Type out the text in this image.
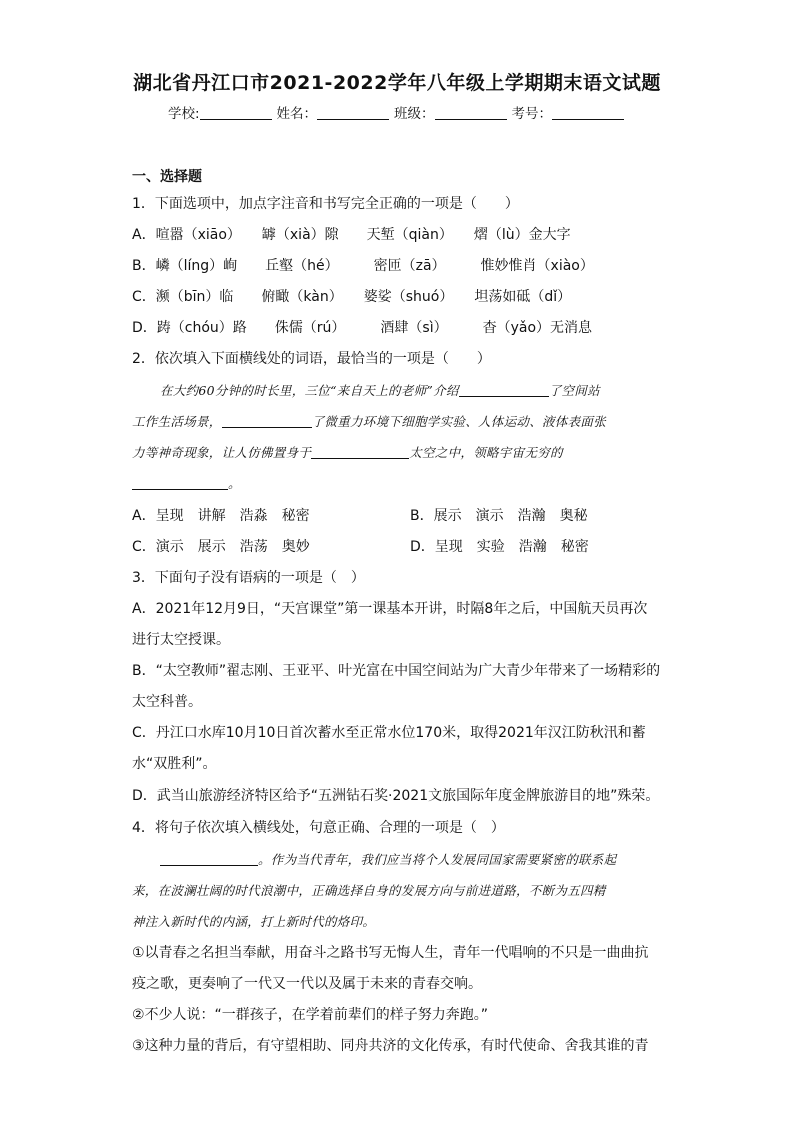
湖北省丹江口市2021-2022学年八年级上学期期末语文试题
学校:	姓名：	班级：	考号：
一、选择题
1．下面选项中，加点字注音和书写完全正确的一项是（　　）
A．喧嚣（xiāo）　　罅（xià）隙　　天堑（qiàn）　　熠（lù）金大字
B．嶙（líng）峋　　丘壑（hé）　　　密匝（zā）　　　惟妙惟肖（xiào）
C．濒（bīn）临　　俯瞰（kàn）　　婆娑（shuó）　　坦荡如砥（dǐ）
D．踌（chóu）路　　侏儒（rú）　　　酒肆（sì）　　　杳（yǎo）无消息
2．依次填入下面横线处的词语，最恰当的一项是（　　）
在大约60分钟的时长里，三位“来自天上的老师”介绍	了空间站
工作生活场景，	了微重力环境下细胞学实验、人体运动、液体表面张
力等神奇现象，让人仿佛置身于	太空之中，领略宇宙无穷的
。
A．呈现　讲解　浩淼　秘密	B．展示　演示　浩瀚　奥秘
C．演示　展示　浩荡　奥妙	D．呈现　实验　浩瀚　秘密
3．下面句子没有语病的一项是（　）
A．2021年12月9日，“天宫课堂”第一课基本开讲，时隔8年之后，中国航天员再次
进行太空授课。
B．“太空教师”翟志刚、王亚平、叶光富在中国空间站为广大青少年带来了一场精彩的
太空科普。
C．丹江口水库10月10日首次蓄水至正常水位170米，取得2021年汉江防秋汛和蓄
水“双胜利”。
D．武当山旅游经济特区给予“五洲钻石奖·2021文旅国际年度金牌旅游目的地”殊荣。
4．将句子依次填入横线处，句意正确、合理的一项是（　）
。作为当代青年，我们应当将个人发展同国家需要紧密的联系起
来，在波澜壮阔的时代浪潮中，正确选择自身的发展方向与前进道路，不断为五四精
神注入新时代的内涵，打上新时代的烙印。
①以青春之名担当奉献，用奋斗之路书写无悔人生，青年一代唱响的不只是一曲曲抗
疫之歌，更奏响了一代又一代以及属于未来的青春交响。
②不少人说：“一群孩子，在学着前辈们的样子努力奔跑。”
③这种力量的背后，有守望相助、同舟共济的文化传承，有时代使命、舍我其谁的青
